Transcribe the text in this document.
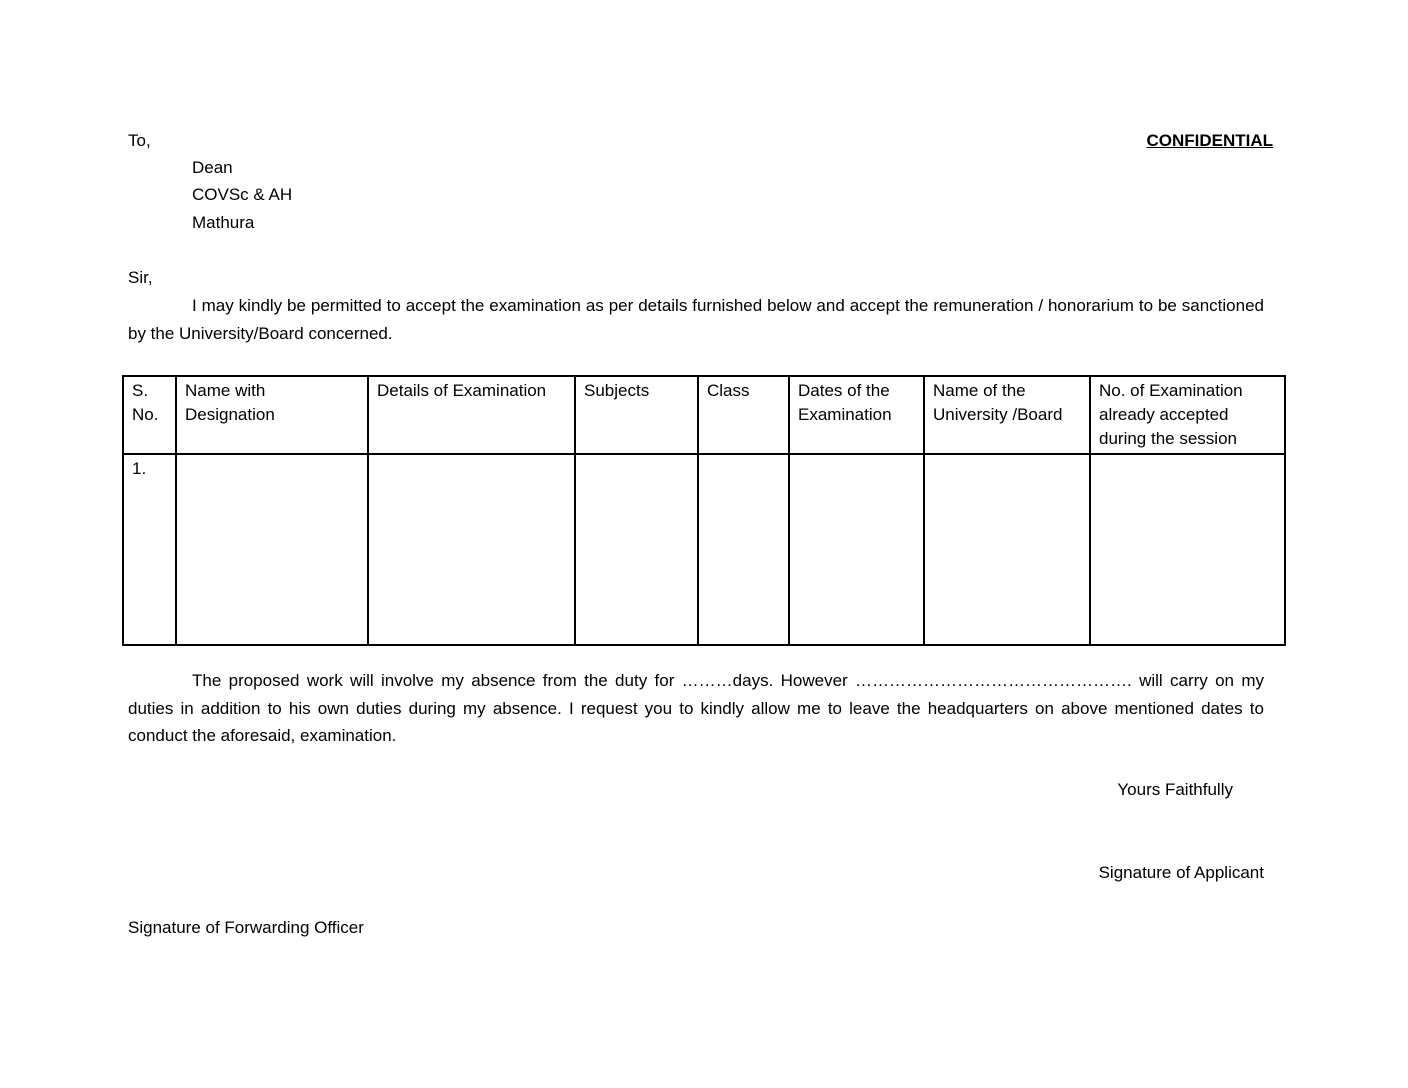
To,	CONFIDENTIAL
Dean
COVSc & AH
Mathura
Sir,
I may kindly be permitted to accept the examination as per details furnished below and accept the remuneration / honorarium to be sanctioned by the University/Board concerned.
S. No.	Name with Designation	Details of Examination	Subjects	Class	Dates of the Examination	Name of the University /Board	No. of Examination already accepted during the session
1.							
The proposed work will involve my absence from the duty for ………days. However …………………………………………. will carry on my duties in addition to his own duties during my absence. I request you to kindly allow me to leave the headquarters on above mentioned dates to conduct the aforesaid, examination.
Yours Faithfully
Signature of Applicant
Signature of Forwarding Officer
